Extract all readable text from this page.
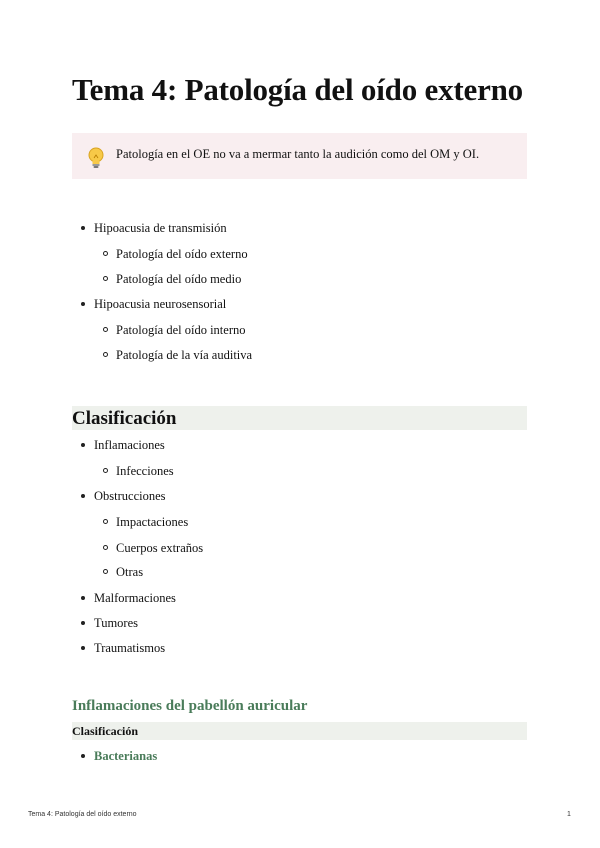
Tema 4: Patología del oído externo
Patología en el OE no va a mermar tanto la audición como del OM y OI.
Hipoacusia de transmisión
Patología del oído externo
Patología del oído medio
Hipoacusia neurosensorial
Patología del oído interno
Patología de la vía auditiva
Clasificación
Inflamaciones
Infecciones
Obstrucciones
Impactaciones
Cuerpos extraños
Otras
Malformaciones
Tumores
Traumatismos
Inflamaciones del pabellón auricular
Clasificación
Bacterianas
Tema 4: Patología del oído externo	1
